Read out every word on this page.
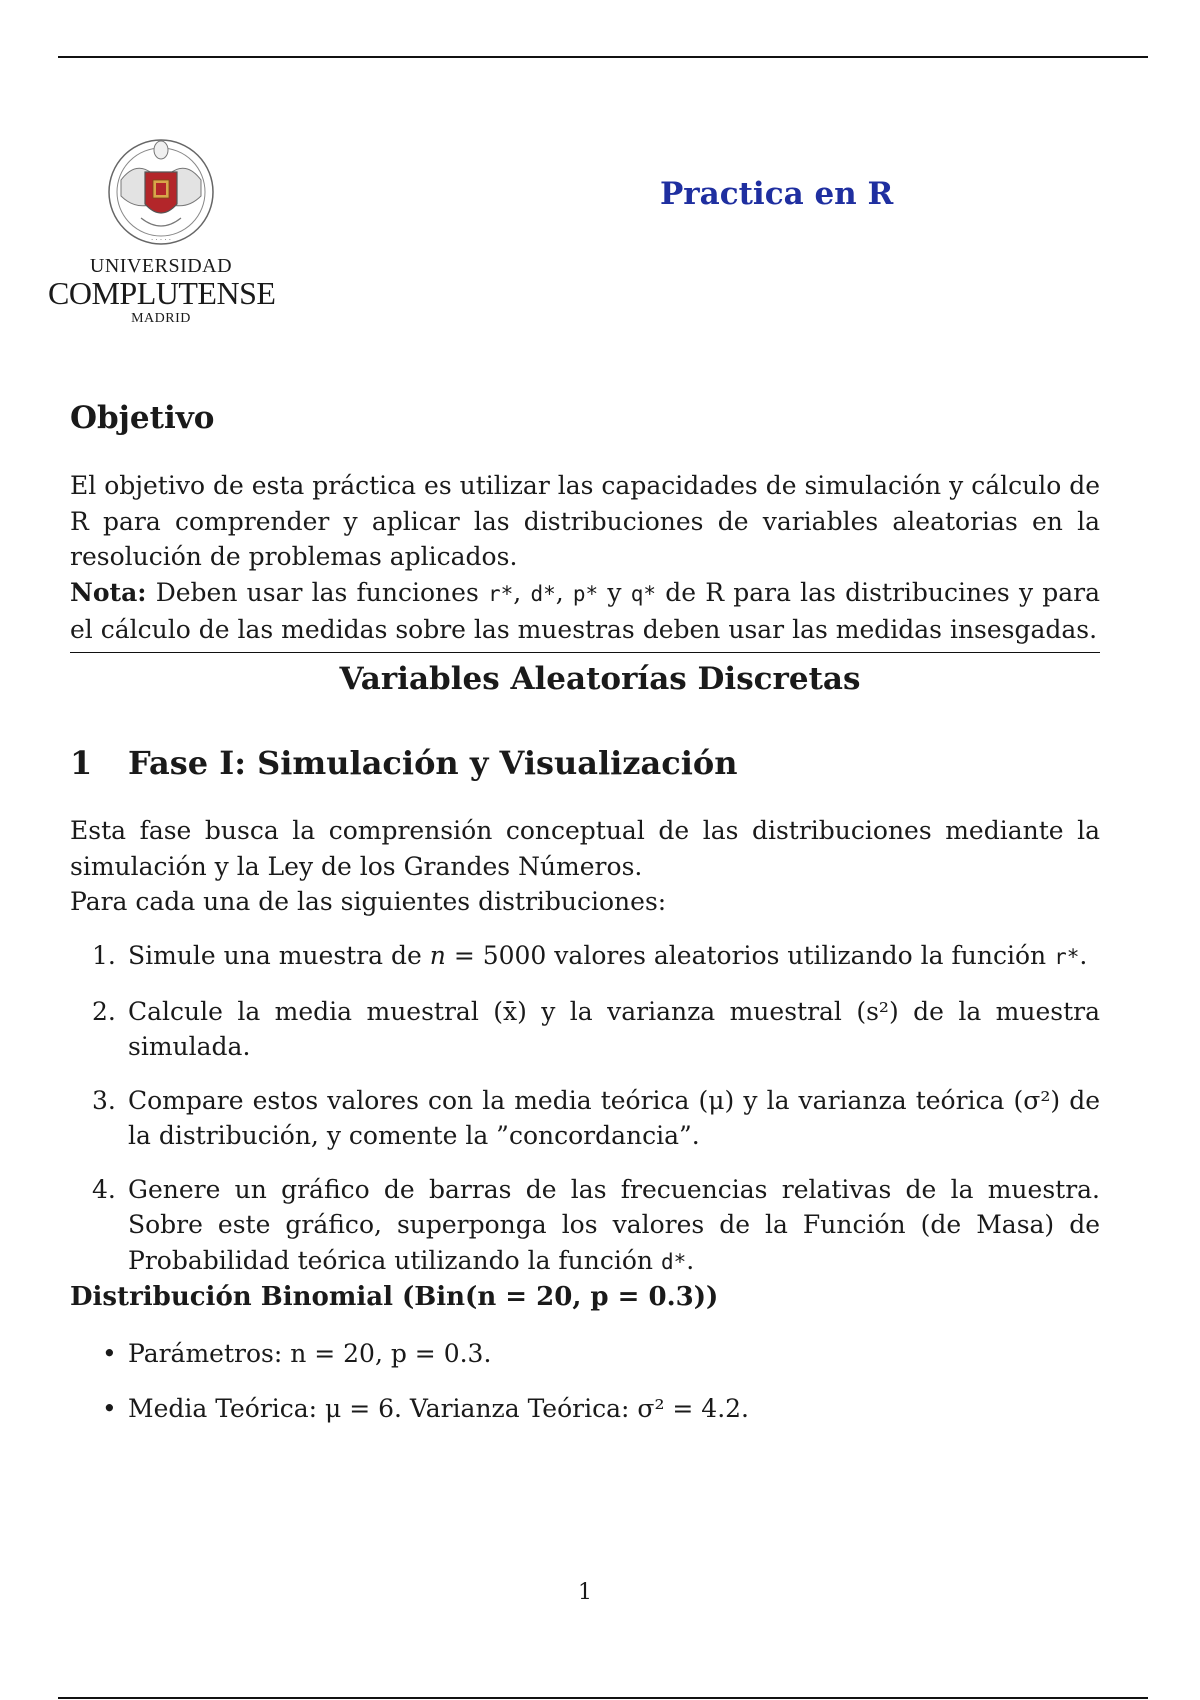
· · · · ·
UNIVERSIDAD
COMPLUTENSE
MADRID
Practica en R
Objetivo

El objetivo de esta práctica es utilizar las capacidades de simulación y cálculo de R para comprender y aplicar las distribuciones de variables aleatorias en la resolución de problemas aplicados.

Nota: Deben usar las funciones r*, d*, p* y q* de R para las distribucines y para el cálculo de las medidas sobre las muestras deben usar las medidas insesgadas.

Variables Aleatorías Discretas
1 Fase I: Simulación y Visualización

Esta fase busca la comprensión conceptual de las distribuciones mediante la simulación y la Ley de los Grandes Números.

Para cada una de las siguientes distribuciones:

1. Simule una muestra de n = 5000 valores aleatorios utilizando la función r*.
2. Calcule la media muestral (x̄) y la varianza muestral (s²) de la muestra simulada.
3. Compare estos valores con la media teórica (μ) y la varianza teórica (σ²) de la distribución, y comente la ”concordancia”.
4. Genere un gráfico de barras de las frecuencias relativas de la muestra. Sobre este gráfico, superponga los valores de la Función (de Masa) de Probabilidad teórica utilizando la función d*.
Distribución Binomial (Bin(n = 20, p = 0.3))
• Parámetros: n = 20, p = 0.3.
• Media Teórica: μ = 6. Varianza Teórica: σ² = 4.2.
1
